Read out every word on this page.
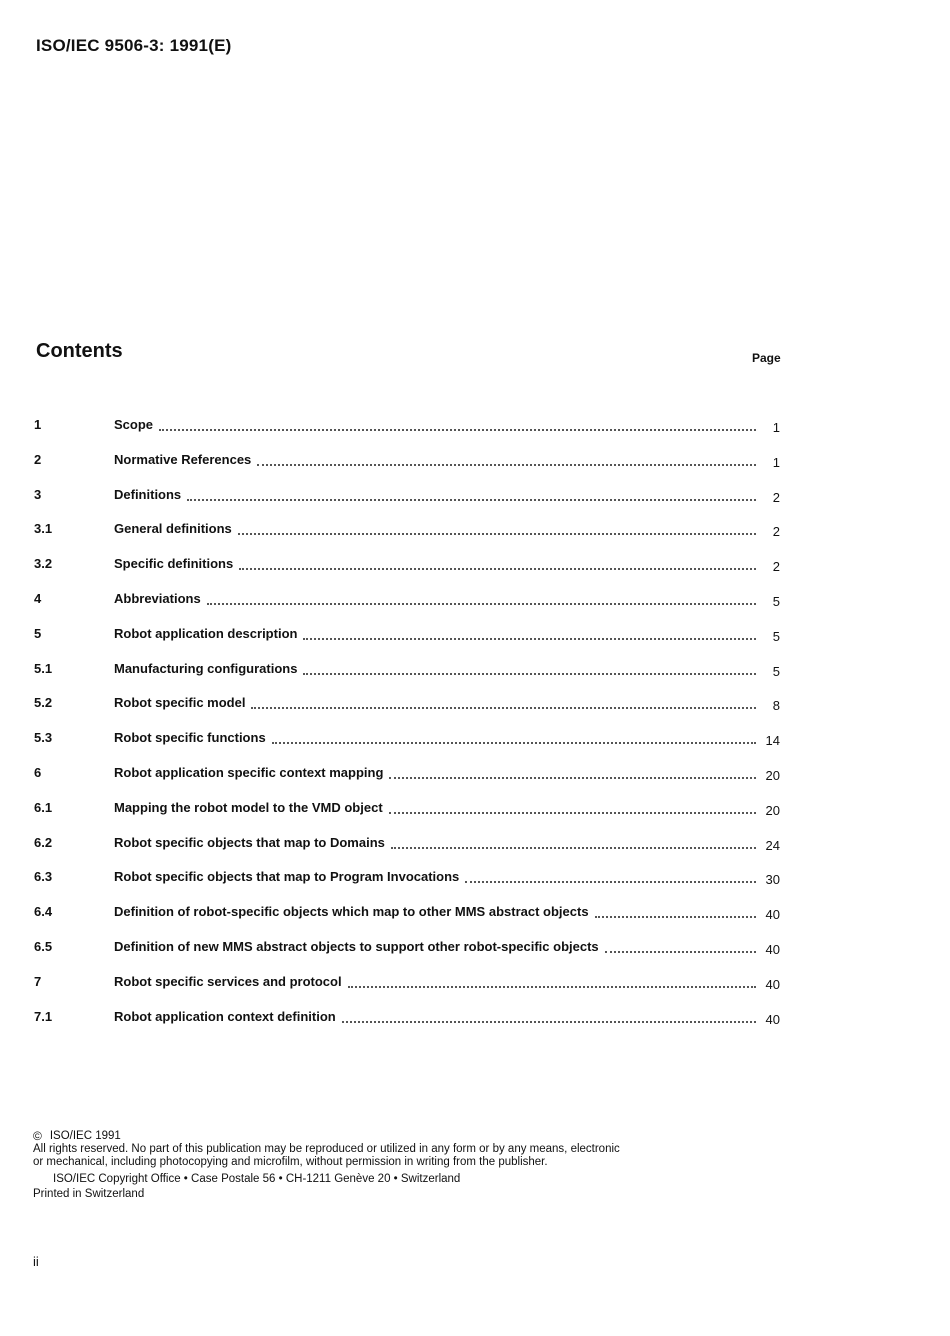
ISO/IEC 9506-3: 1991(E)
Contents	Page
1	Scope	1
2	Normative References	1
3	Definitions	2
3.1	General definitions	2
3.2	Specific definitions	2
4	Abbreviations	5
5	Robot application description	5
5.1	Manufacturing configurations	5
5.2	Robot specific model	8
5.3	Robot specific functions	14
6	Robot application specific context mapping	20
6.1	Mapping the robot model to the VMD object	20
6.2	Robot specific objects that map to Domains	24
6.3	Robot specific objects that map to Program Invocations	30
6.4	Definition of robot-specific objects which map to other MMS abstract objects	40
6.5	Definition of new MMS abstract objects to support other robot-specific objects	40
7	Robot specific services and protocol	40
7.1	Robot application context definition	40

© ISO/IEC 1991

All rights reserved. No part of this publication may be reproduced or utilized in any form or by any means, electronic or mechanical, including photocopying and microfilm, without permission in writing from the publisher.

ISO/IEC Copyright Office • Case Postale 56 • CH-1211 Genève 20 • Switzerland

Printed in Switzerland

ii
